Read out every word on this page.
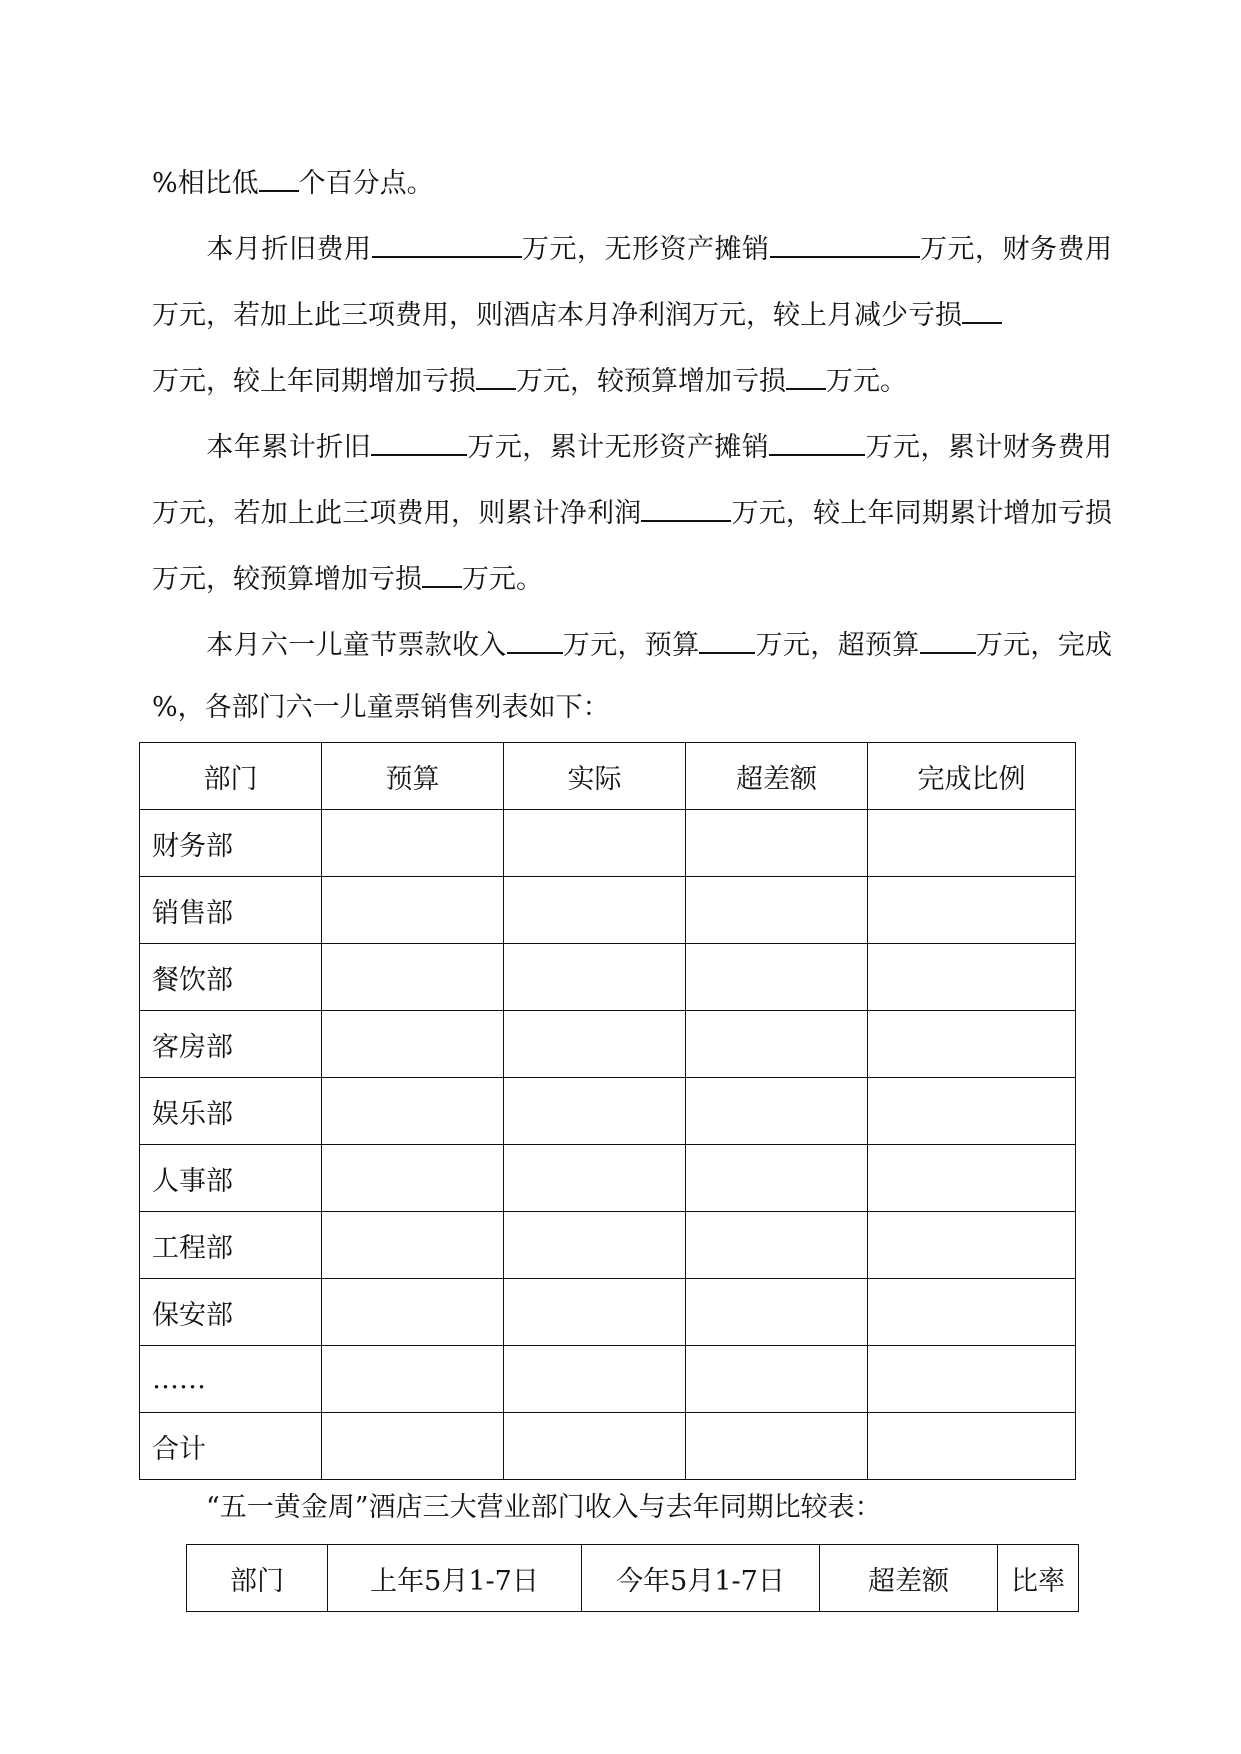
%相比低 个百分点。
本月折旧费用	万元，无形资产摊销	万元，财务费用
万元，若加上此三项费用，则酒店本月净利润万元，较上月减少亏损
万元，较上年同期增加亏损 万元，较预算增加亏损 万元。
本年累计折旧	万元，累计无形资产摊销	万元，累计财务费用
万元，若加上此三项费用，则累计净利润	万元，较上年同期累计增加亏损
万元，较预算增加亏损 万元。
本月六一儿童节票款收入 万元，预算 万元，超预算 万元，完成
%，各部门六一儿童票销售列表如下：
部门	预算	实际	超差额	完成比例
财务部				
销售部				
餐饮部				
客房部				
娱乐部				
人事部				
工程部				
保安部				
……				
合计				
“五一黄金周”酒店三大营业部门收入与去年同期比较表：
部门	上年5月1-7日	今年5月1-7日	超差额	比率
